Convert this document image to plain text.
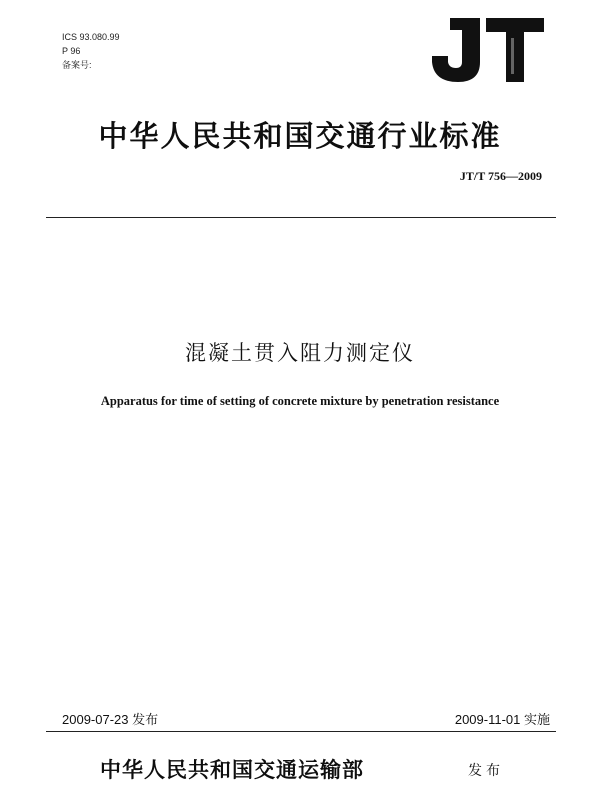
ICS 93.080.99
P 96
备案号:
中华人民共和国交通行业标准
JT/T 756—2009
混凝土贯入阻力测定仪
Apparatus for time of setting of concrete mixture by penetration resistance
2009-07-23 发布	2009-11-01 实施
中华人民共和国交通运输部	发布
